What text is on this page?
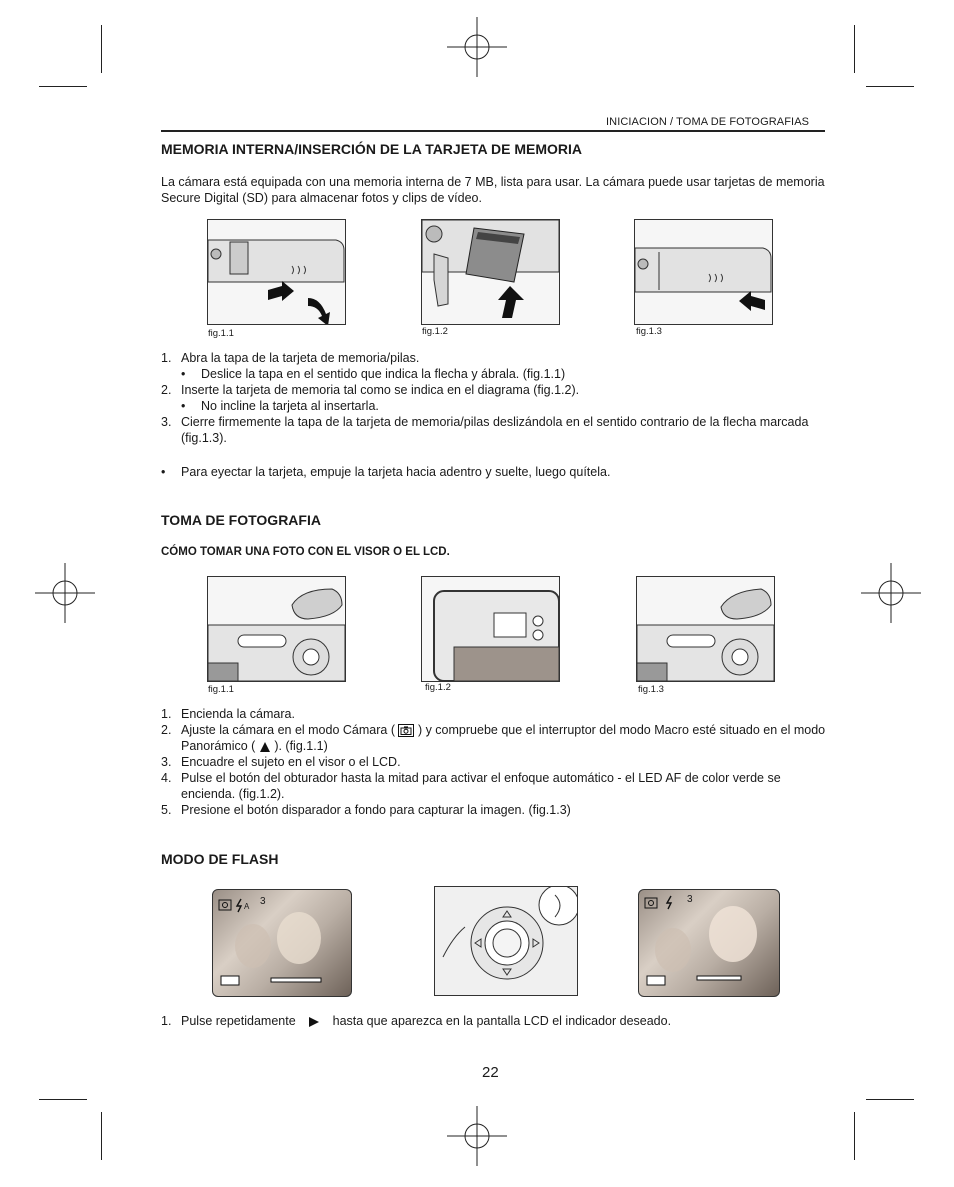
INICIACION / TOMA DE FOTOGRAFIAS
MEMORIA INTERNA/INSERCIÓN DE LA TARJETA DE MEMORIA

La cámara está equipada con una memoria interna de 7 MB, lista para usar. La cámara puede usar tarjetas de memoria Secure Digital (SD) para almacenar fotos y clips de vídeo.

fig.1.1	fig.1.2	fig.1.3
1. Abra la tapa de la tarjeta de memoria/pilas.
• Deslice la tapa en el sentido que indica la flecha y ábrala. (fig.1.1)
2. Inserte la tarjeta de memoria tal como se indica en el diagrama (fig.1.2).
• No incline la tarjeta al insertarla.
3. Cierre firmemente la tapa de la tarjeta de memoria/pilas deslizándola en el sentido contrario de la flecha marcada (fig.1.3).
• Para eyectar la tarjeta, empuje la tarjeta hacia adentro y suelte, luego quítela.
TOMA DE FOTOGRAFIA
CÓMO TOMAR UNA FOTO CON EL VISOR O EL LCD.
fig.1.1	fig.1.2	fig.1.3
1. Encienda la cámara.
2. Ajuste la cámara en el modo Cámara ( ) y compruebe que el interruptor del modo Macro esté situado en el modo Panorámico ( ). (fig.1.1)
3. Encuadre el sujeto en el visor o el LCD.
4. Pulse el botón del obturador hasta la mitad para activar el enfoque automático - el LED AF de color verde se encienda. (fig.1.2).
5. Presione el botón disparador a fondo para capturar la imagen. (fig.1.3)
MODO DE FLASH
A 3	3
1. Pulse repetidamente	hasta que aparezca en la pantalla LCD el indicador deseado.
22
